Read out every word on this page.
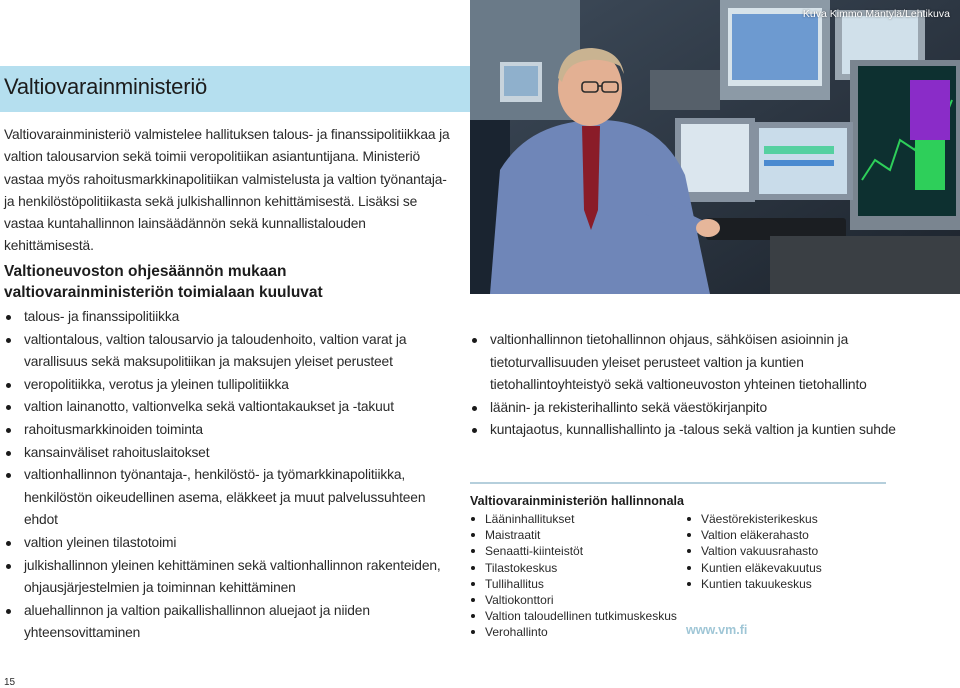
Valtiovarainministeriö

Valtiovarainministeriö valmistelee hallituksen talous- ja finanssipolitiikkaa ja valtion talousarvion sekä toimii veropolitiikan asiantuntijana. Ministeriö vastaa myös rahoitusmarkkinapolitiikan valmistelusta ja valtion työnantaja- ja henkilöstöpolitiikasta sekä julkishallinnon kehittämisestä. Lisäksi se vastaa kuntahallinnon lainsäädännön sekä kunnallistalouden kehittämisestä.

Valtioneuvoston ohjesäännön mukaan valtiovarainministeriön toimialaan kuuluvat
talous- ja finanssipolitiikka
valtiontalous, valtion talousarvio ja taloudenhoito, valtion varat ja varallisuus sekä maksupolitiikan ja maksujen yleiset perusteet
veropolitiikka, verotus ja yleinen tullipolitiikka
valtion lainanotto, valtionvelka sekä valtiontakaukset ja -takuut
rahoitusmarkkinoiden toiminta
kansainväliset rahoituslaitokset
valtionhallinnon työnantaja-, henkilöstö- ja työmarkkinapolitiikka, henkilöstön oikeudellinen asema, eläkkeet ja muut palvelussuhteen ehdot
valtion yleinen tilastotoimi
julkishallinnon yleinen kehittäminen sekä valtionhallinnon rakenteiden, ohjausjärjestelmien ja toiminnan kehittäminen
aluehallinnon ja valtion paikallishallinnon aluejaot ja niiden yhteensovittaminen
Kuva Kimmo Mäntylä/Lehtikuva
valtionhallinnon tietohallinnon ohjaus, sähköisen asioinnin ja tietoturvallisuuden yleiset perusteet valtion ja kuntien tietohallintoyhteistyö sekä valtioneuvoston yhteinen tietohallinto
läänin- ja rekisterihallinto sekä väestökirjanpito
kuntajaotus, kunnallishallinto ja -talous sekä valtion ja kuntien suhde
Valtiovarainministeriön hallinnonala
Lääninhallitukset
Maistraatit
Senaatti-kiinteistöt
Tilastokeskus
Tullihallitus
Valtiokonttori
Valtion taloudellinen tutkimuskeskus
Verohallinto
Väestörekisterikeskus
Valtion eläkerahasto
Valtion vakuusrahasto
Kuntien eläkevakuutus
Kuntien takuukeskus
www.vm.fi
15
